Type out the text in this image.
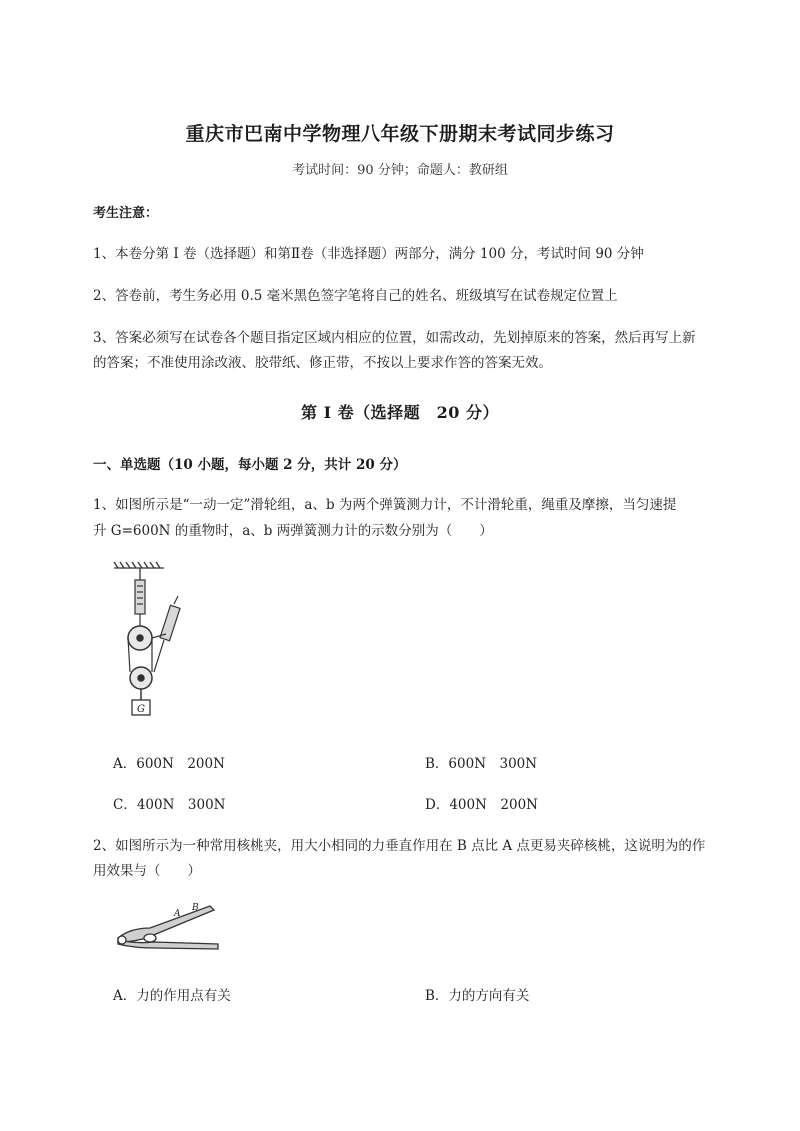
重庆市巴南中学物理八年级下册期末考试同步练习
考试时间：90 分钟；命题人：教研组
考生注意：
1、本卷分第 I 卷（选择题）和第Ⅱ卷（非选择题）两部分，满分 100 分，考试时间 90 分钟
2、答卷前，考生务必用 0.5 毫米黑色签字笔将自己的姓名、班级填写在试卷规定位置上
3、答案必须写在试卷各个题目指定区域内相应的位置，如需改动，先划掉原来的答案，然后再写上新
的答案；不准使用涂改液、胶带纸、修正带，不按以上要求作答的答案无效。
第 I 卷（选择题　20 分）
一、单选题（10 小题，每小题 2 分，共计 20 分）
1、如图所示是“一动一定”滑轮组，a、b 为两个弹簧测力计，不计滑轮重，绳重及摩擦，当匀速提
升 G=600N 的重物时，a、b 两弹簧测力计的示数分别为（　　）
G
A．600N　200N	B．600N　300N
C．400N　300N	D．400N　200N
2、如图所示为一种常用核桃夹，用大小相同的力垂直作用在 B 点比 A 点更易夹碎核桃，这说明为的作
用效果与（　　）
A
B
A．力的作用点有关	B．力的方向有关
